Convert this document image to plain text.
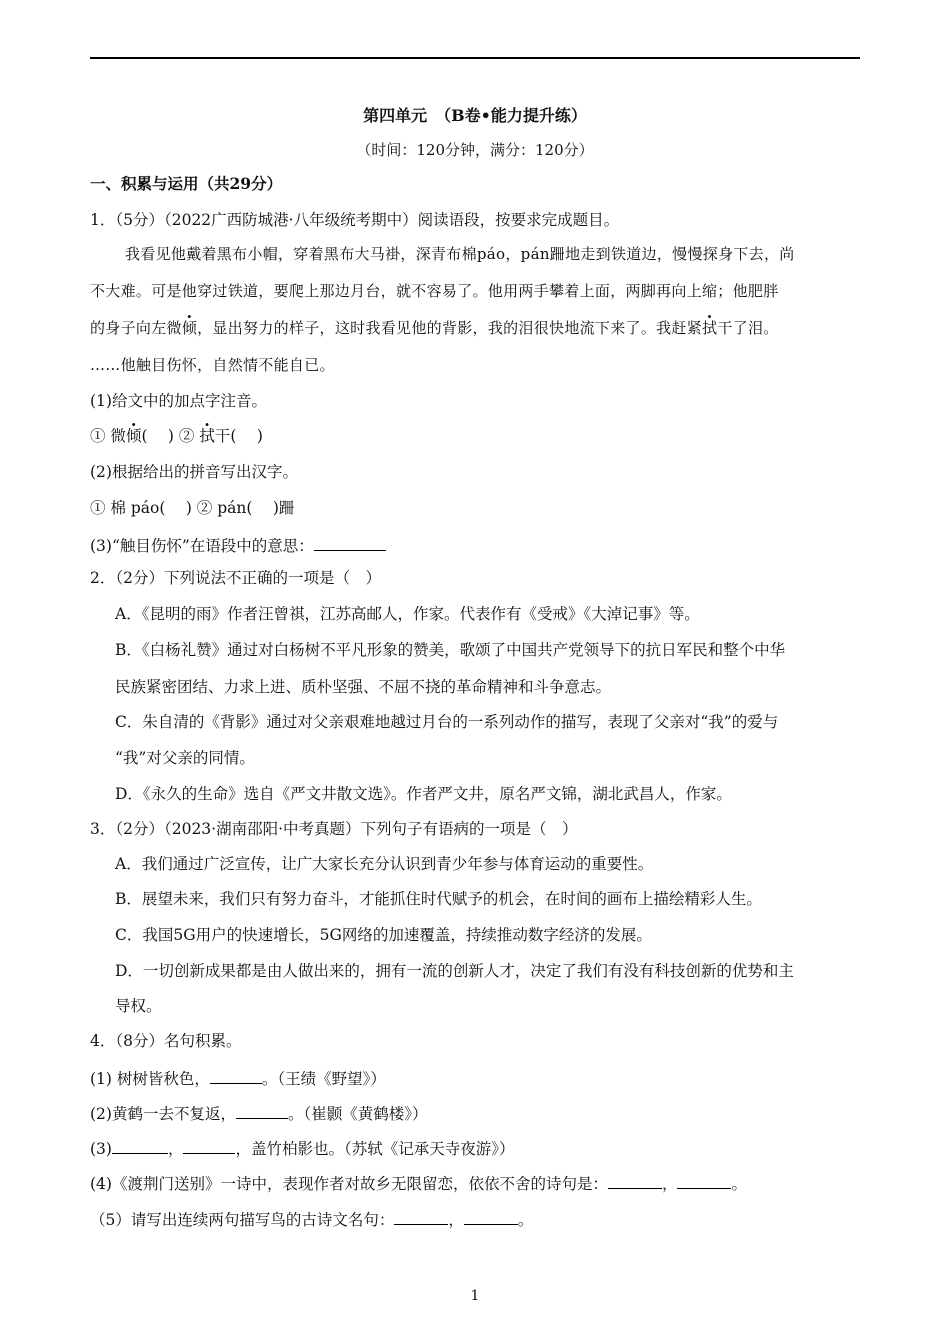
第四单元　（B卷•能力提升练）
（时间：120分钟，满分：120分）
一、积累与运用（共29分）
1．（5分）（2022广西防城港·八年级统考期中）阅读语段，按要求完成题目。
我看见他戴着黑布小帽，穿着黑布大马褂，深青布棉páo，pán跚地走到铁道边，慢慢探身下去，尚
不大难。可是他穿过铁道，要爬上那边月台，就不容易了。他用两手攀着上面，两脚再向上缩；他肥胖
的身子向左微倾，显出努力的样子，这时我看见他的背影，我的泪很快地流下来了。我赶紧拭干了泪。
……他触目伤怀，自然情不能自已。
(1)给文中的加点字注音。
① 微倾(　 ) ② 拭干(　 )
(2)根据给出的拼音写出汉字。
① 棉 páo(　 ) ② pán(　 )跚
(3)“触目伤怀”在语段中的意思：
2．（2分）下列说法不正确的一项是（　）
A．《昆明的雨》作者汪曾祺，江苏高邮人，作家。代表作有《受戒》《大淖记事》等。
B．《白杨礼赞》通过对白杨树不平凡形象的赞美，歌颂了中国共产党领导下的抗日军民和整个中华
民族紧密团结、力求上进、质朴坚强、不屈不挠的革命精神和斗争意志。
C．朱自清的《背影》通过对父亲艰难地越过月台的一系列动作的描写，表现了父亲对“我”的爱与
“我”对父亲的同情。
D．《永久的生命》选自《严文井散文选》。作者严文井，原名严文锦，湖北武昌人，作家。
3．（2分）（2023·湖南邵阳·中考真题）下列句子有语病的一项是（　）
A．我们通过广泛宣传，让广大家长充分认识到青少年参与体育运动的重要性。
B．展望未来，我们只有努力奋斗，才能抓住时代赋予的机会，在时间的画布上描绘精彩人生。
C．我国5G用户的快速增长，5G网络的加速覆盖，持续推动数字经济的发展。
D．一切创新成果都是由人做出来的，拥有一流的创新人才，决定了我们有没有科技创新的优势和主
导权。
4．（8分）名句积累。
(1) 树树皆秋色，	。（王绩《野望》）
(2)黄鹤一去不复返，	。（崔颢《黄鹤楼》）
(3)	，	，盖竹柏影也。（苏轼《记承天寺夜游》）
(4)《渡荆门送别》一诗中，表现作者对故乡无限留恋，依依不舍的诗句是：	，	。
（5）请写出连续两句描写鸟的古诗文名句：	，	。
1
